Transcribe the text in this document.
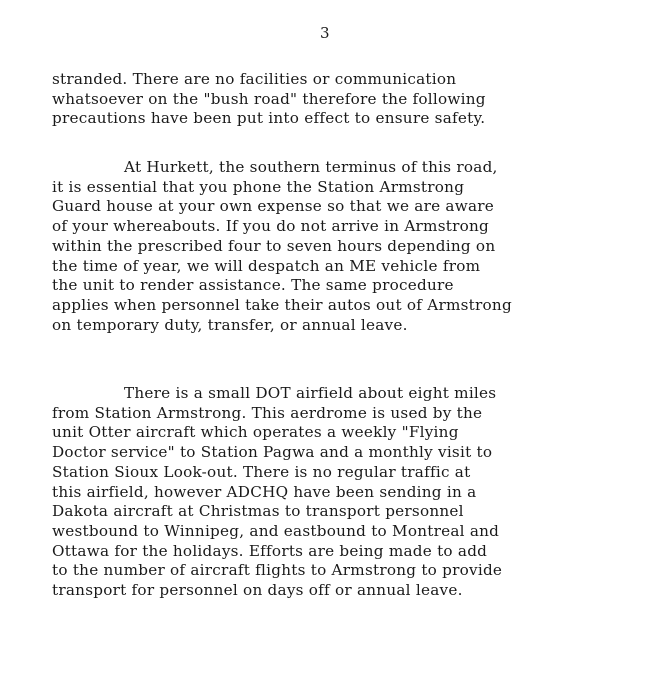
3
stranded. There are no facilities or communication
whatsoever on the "bush road" therefore the following
precautions have been put into effect to ensure safety.
At Hurkett, the southern terminus of this road,
it is essential that you phone the Station Armstrong
Guard house at your own expense so that we are aware
of your whereabouts. If you do not arrive in Armstrong
within the prescribed four to seven hours depending on
the time of year, we will despatch an ME vehicle from
the unit to render assistance. The same procedure
applies when personnel take their autos out of Armstrong
on temporary duty, transfer, or annual leave.
There is a small DOT airfield about eight miles
from Station Armstrong. This aerdrome is used by the
unit Otter aircraft which operates a weekly "Flying
Doctor service" to Station Pagwa and a monthly visit to
Station Sioux Look-out. There is no regular traffic at
this airfield, however ADCHQ have been sending in a
Dakota aircraft at Christmas to transport personnel
westbound to Winnipeg, and eastbound to Montreal and
Ottawa for the holidays. Efforts are being made to add
to the number of aircraft flights to Armstrong to provide
transport for personnel on days off or annual leave.
